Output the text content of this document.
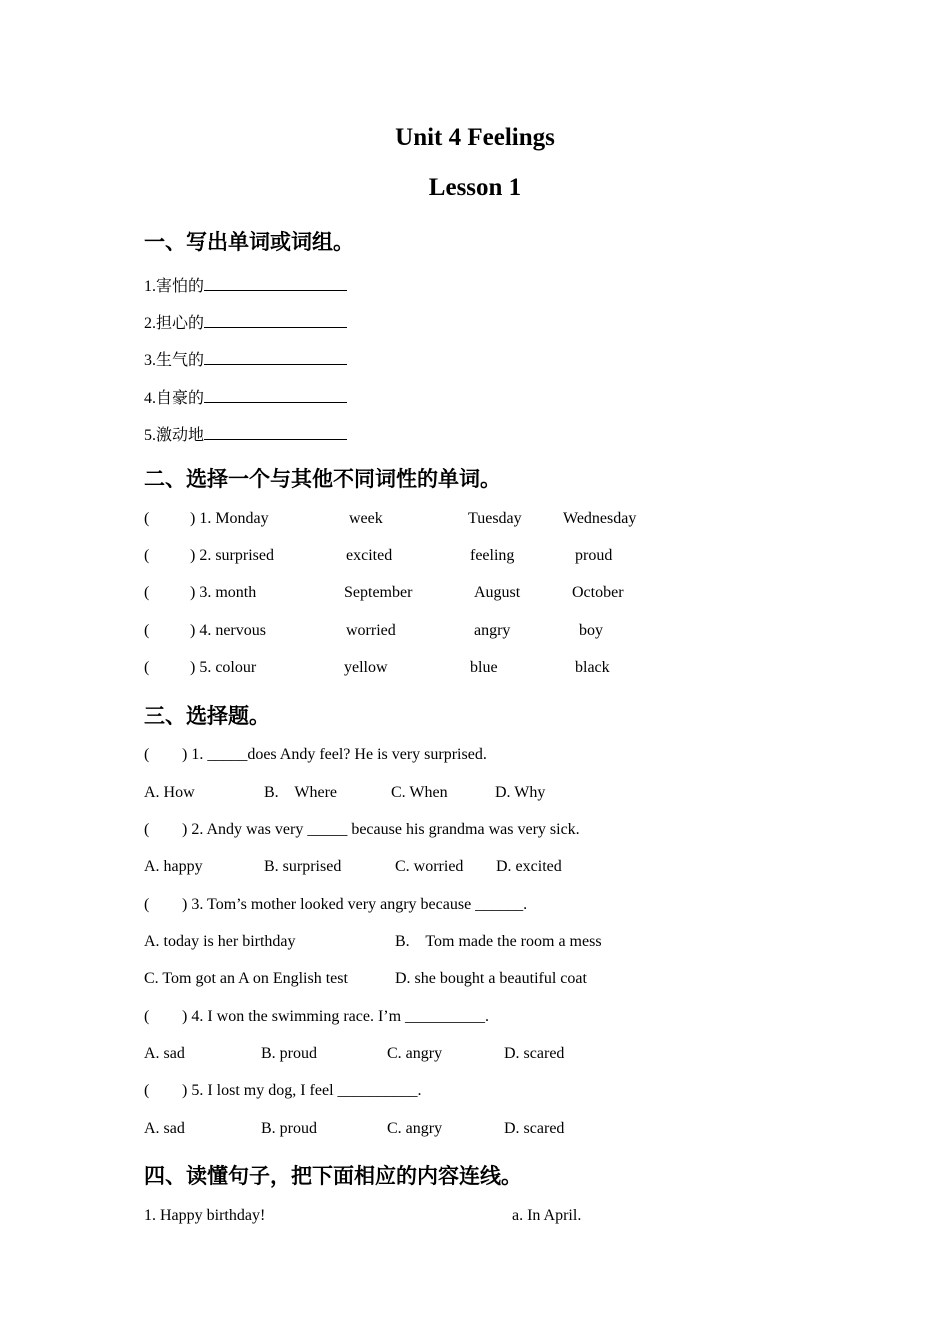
Unit 4 Feelings
Lesson 1
一、写出单词或词组。
1.害怕的
2.担心的
3.生气的
4.自豪的
5.激动地
二、选择一个与其他不同词性的单词。
(	) 1. Monday	week	Tuesday	Wednesday
(	) 2. surprised	excited	feeling	proud
(	) 3. month	September	August	October
(	) 4. nervous	worried	angry	boy
(	) 5. colour	yellow	blue	black
三、选择题。
( ) 1. _____does Andy feel? He is very surprised.
A. How	B.    Where	C. When	D. Why
( ) 2. Andy was very _____ because his grandma was very sick.
A. happy	B. surprised	C. worried D. excited
( ) 3. Tom’s mother looked very angry because ______.
A. today is her birthday	B.    Tom made the room a mess
C. Tom got an A on English test	D. she bought a beautiful coat
( ) 4. I won the swimming race. I’m __________.
A. sad	B. proud	C. angry	D. scared
( ) 5. I lost my dog, I feel __________.
A. sad	B. proud	C. angry	D. scared
四、读懂句子，把下面相应的内容连线。
1. Happy birthday!	a. In April.
